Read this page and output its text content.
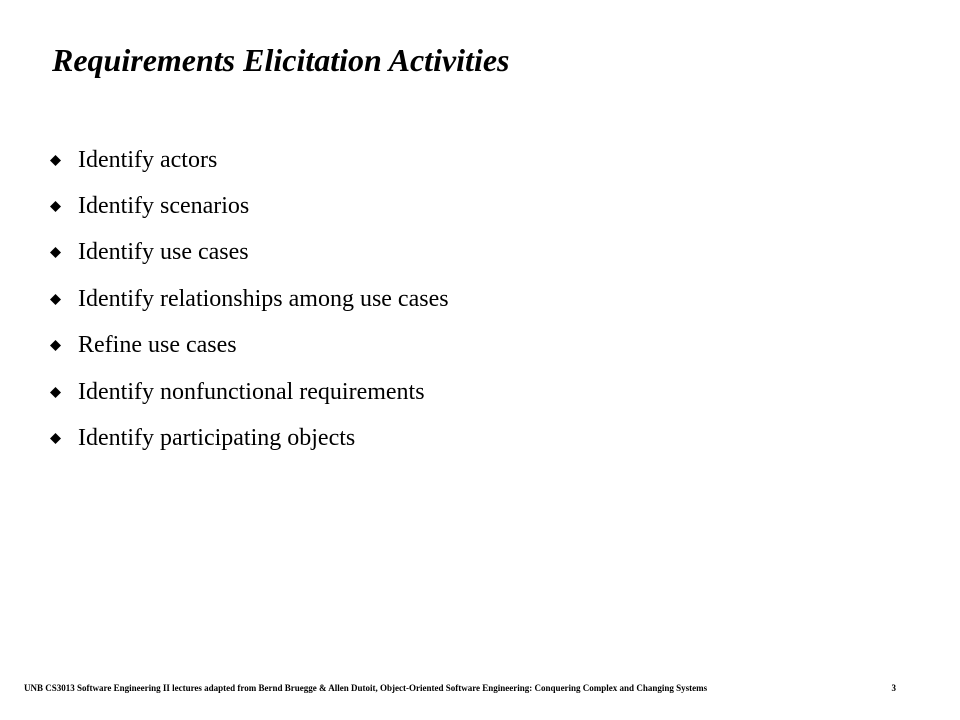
Requirements Elicitation Activities
Identify actors
Identify scenarios
Identify use cases
Identify relationships among use cases
Refine use cases
Identify nonfunctional requirements
Identify participating objects
UNB CS3013 Software Engineering II lectures adapted from Bernd Bruegge & Allen Dutoit, Object-Oriented Software Engineering: Conquering Complex and Changing Systems	3
